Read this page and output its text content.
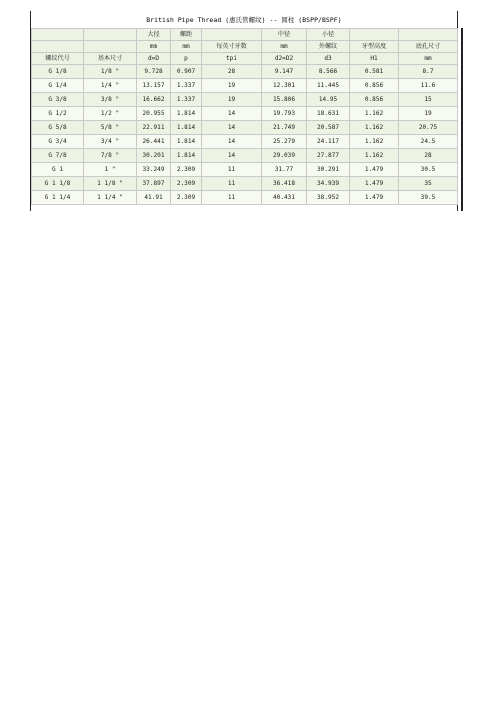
British Pipe Thread (惠氏管螺纹) -- 圆柱 (BSPP/BSPF)
		大径	螺距		中径	小径		
		mm	mm	每英寸牙数	mm	外螺纹	牙型高度	底孔尺寸
螺纹代号	基本尺寸	d=D	p	tpi	d2=D2	d3	H1	mm
G 1/8	1/8 "	9.728	0.907	28	9.147	8.566	0.581	8.7
G 1/4	1/4 "	13.157	1.337	19	12.301	11.445	0.856	11.6
G 3/8	3/8 "	16.662	1.337	19	15.806	14.95	0.856	15
G 1/2	1/2 "	20.955	1.814	14	19.793	18.631	1.162	19
G 5/8	5/8 "	22.911	1.814	14	21.749	20.587	1.162	20.75
G 3/4	3/4 "	26.441	1.814	14	25.279	24.117	1.162	24.5
G 7/8	7/8 "	30.201	1.814	14	29.039	27.877	1.162	28
G 1	1 "	33.249	2.309	11	31.77	30.291	1.479	30.5
G 1 1/8	1 1/8 "	37.897	2.309	11	36.418	34.939	1.479	35
G 1 1/4	1 1/4 "	41.91	2.309	11	40.431	38.952	1.479	39.5
